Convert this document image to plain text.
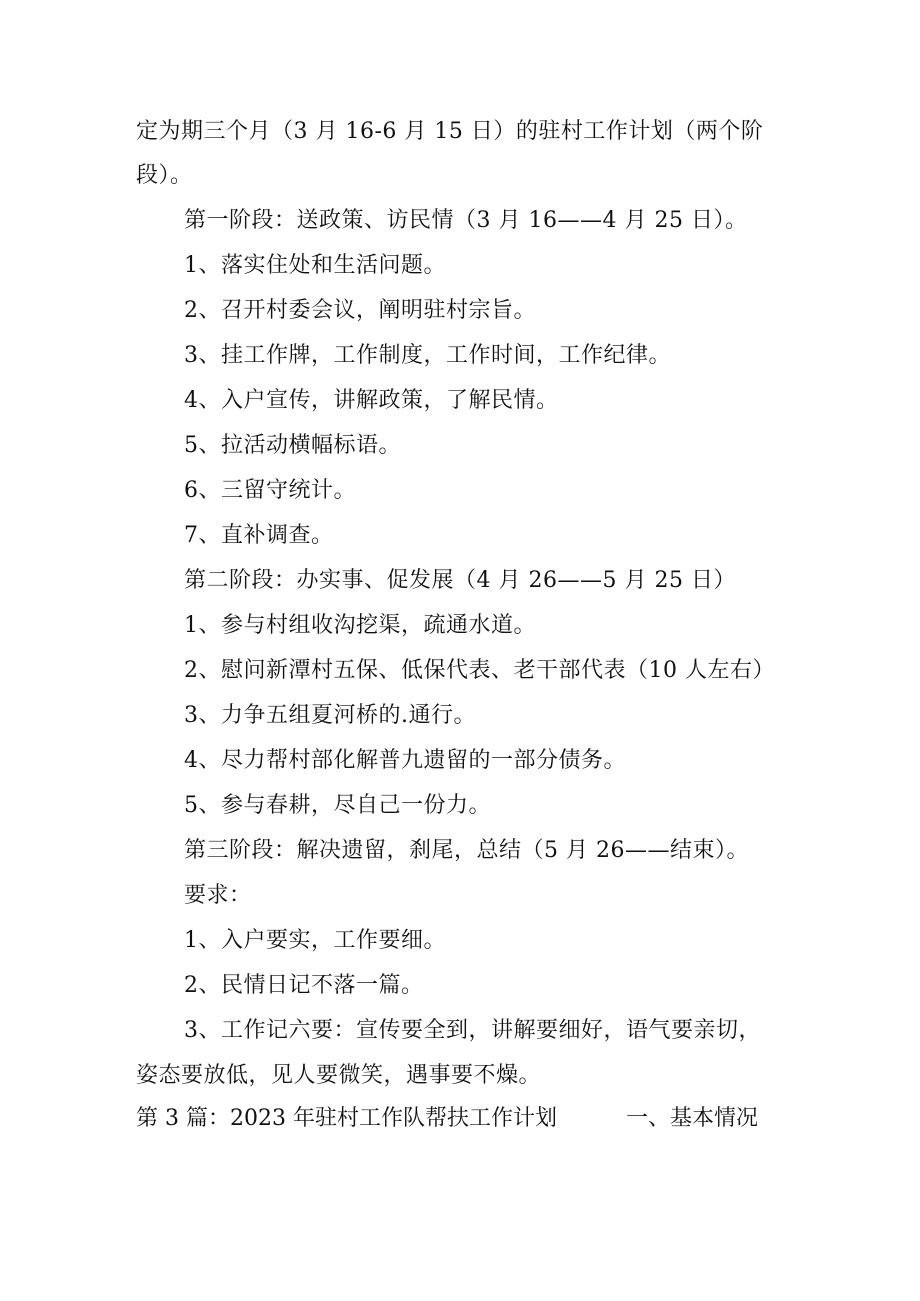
定为期三个月（3 月 16-6 月 15 日）的驻村工作计划（两个阶
段）。
第一阶段：送政策、访民情（3 月 16——4 月 25 日）。
1、落实住处和生活问题。
2、召开村委会议，阐明驻村宗旨。
3、挂工作牌，工作制度，工作时间，工作纪律。
4、入户宣传，讲解政策，了解民情。
5、拉活动横幅标语。
6、三留守统计。
7、直补调查。
第二阶段：办实事、促发展（4 月 26——5 月 25 日）
1、参与村组收沟挖渠，疏通水道。
2、慰问新潭村五保、低保代表、老干部代表（10 人左右）
3、力争五组夏河桥的.通行。
4、尽力帮村部化解普九遗留的一部分债务。
5、参与春耕，尽自己一份力。
第三阶段：解决遗留，刹尾，总结（5 月 26——结束）。
要求：
1、入户要实，工作要细。
2、民情日记不落一篇。
3、工作记六要：宣传要全到，讲解要细好，语气要亲切，
姿态要放低，见人要微笑，遇事要不燥。
第 3 篇：2023 年驻村工作队帮扶工作计划	一、基本情况
